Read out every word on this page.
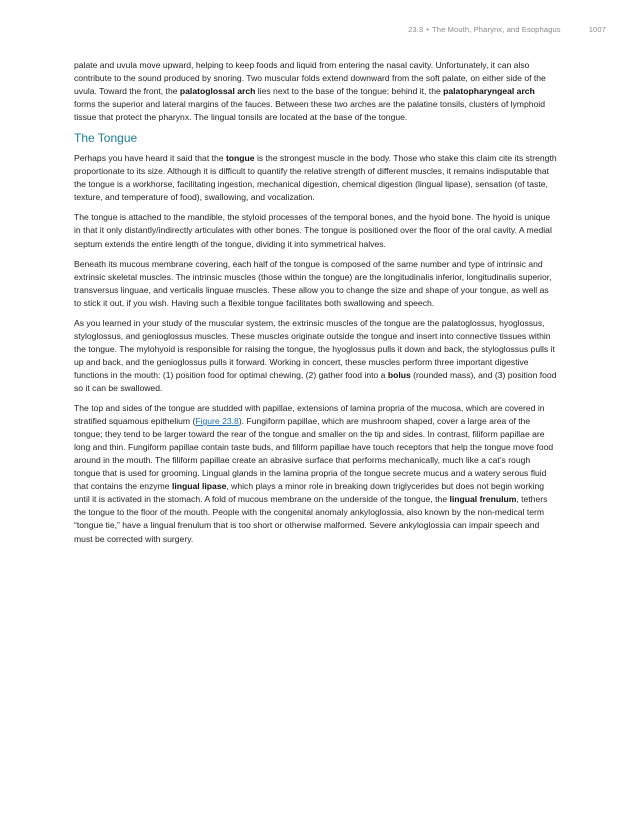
23.3 • The Mouth, Pharynx, and Esophagus	1007

palate and uvula move upward, helping to keep foods and liquid from entering the nasal cavity. Unfortunately, it can also contribute to the sound produced by snoring. Two muscular folds extend downward from the soft palate, on either side of the uvula. Toward the front, the palatoglossal arch lies next to the base of the tongue; behind it, the palatopharyngeal arch forms the superior and lateral margins of the fauces. Between these two arches are the palatine tonsils, clusters of lymphoid tissue that protect the pharynx. The lingual tonsils are located at the base of the tongue.

The Tongue

Perhaps you have heard it said that the tongue is the strongest muscle in the body. Those who stake this claim cite its strength proportionate to its size. Although it is difficult to quantify the relative strength of different muscles, it remains indisputable that the tongue is a workhorse, facilitating ingestion, mechanical digestion, chemical digestion (lingual lipase), sensation (of taste, texture, and temperature of food), swallowing, and vocalization.

The tongue is attached to the mandible, the styloid processes of the temporal bones, and the hyoid bone. The hyoid is unique in that it only distantly/indirectly articulates with other bones. The tongue is positioned over the floor of the oral cavity. A medial septum extends the entire length of the tongue, dividing it into symmetrical halves.

Beneath its mucous membrane covering, each half of the tongue is composed of the same number and type of intrinsic and extrinsic skeletal muscles. The intrinsic muscles (those within the tongue) are the longitudinalis inferior, longitudinalis superior, transversus linguae, and verticalis linguae muscles. These allow you to change the size and shape of your tongue, as well as to stick it out, if you wish. Having such a flexible tongue facilitates both swallowing and speech.

As you learned in your study of the muscular system, the extrinsic muscles of the tongue are the palatoglossus, hyoglossus, styloglossus, and genioglossus muscles. These muscles originate outside the tongue and insert into connective tissues within the tongue. The mylohyoid is responsible for raising the tongue, the hyoglossus pulls it down and back, the styloglossus pulls it up and back, and the genioglossus pulls it forward. Working in concert, these muscles perform three important digestive functions in the mouth: (1) position food for optimal chewing, (2) gather food into a bolus (rounded mass), and (3) position food so it can be swallowed.

The top and sides of the tongue are studded with papillae, extensions of lamina propria of the mucosa, which are covered in stratified squamous epithelium (Figure 23.8). Fungiform papillae, which are mushroom shaped, cover a large area of the tongue; they tend to be larger toward the rear of the tongue and smaller on the tip and sides. In contrast, filiform papillae are long and thin. Fungiform papillae contain taste buds, and filiform papillae have touch receptors that help the tongue move food around in the mouth. The filiform papillae create an abrasive surface that performs mechanically, much like a cat’s rough tongue that is used for grooming. Lingual glands in the lamina propria of the tongue secrete mucus and a watery serous fluid that contains the enzyme lingual lipase, which plays a minor role in breaking down triglycerides but does not begin working until it is activated in the stomach. A fold of mucous membrane on the underside of the tongue, the lingual frenulum, tethers the tongue to the floor of the mouth. People with the congenital anomaly ankyloglossia, also known by the non-medical term “tongue tie,” have a lingual frenulum that is too short or otherwise malformed. Severe ankyloglossia can impair speech and must be corrected with surgery.
